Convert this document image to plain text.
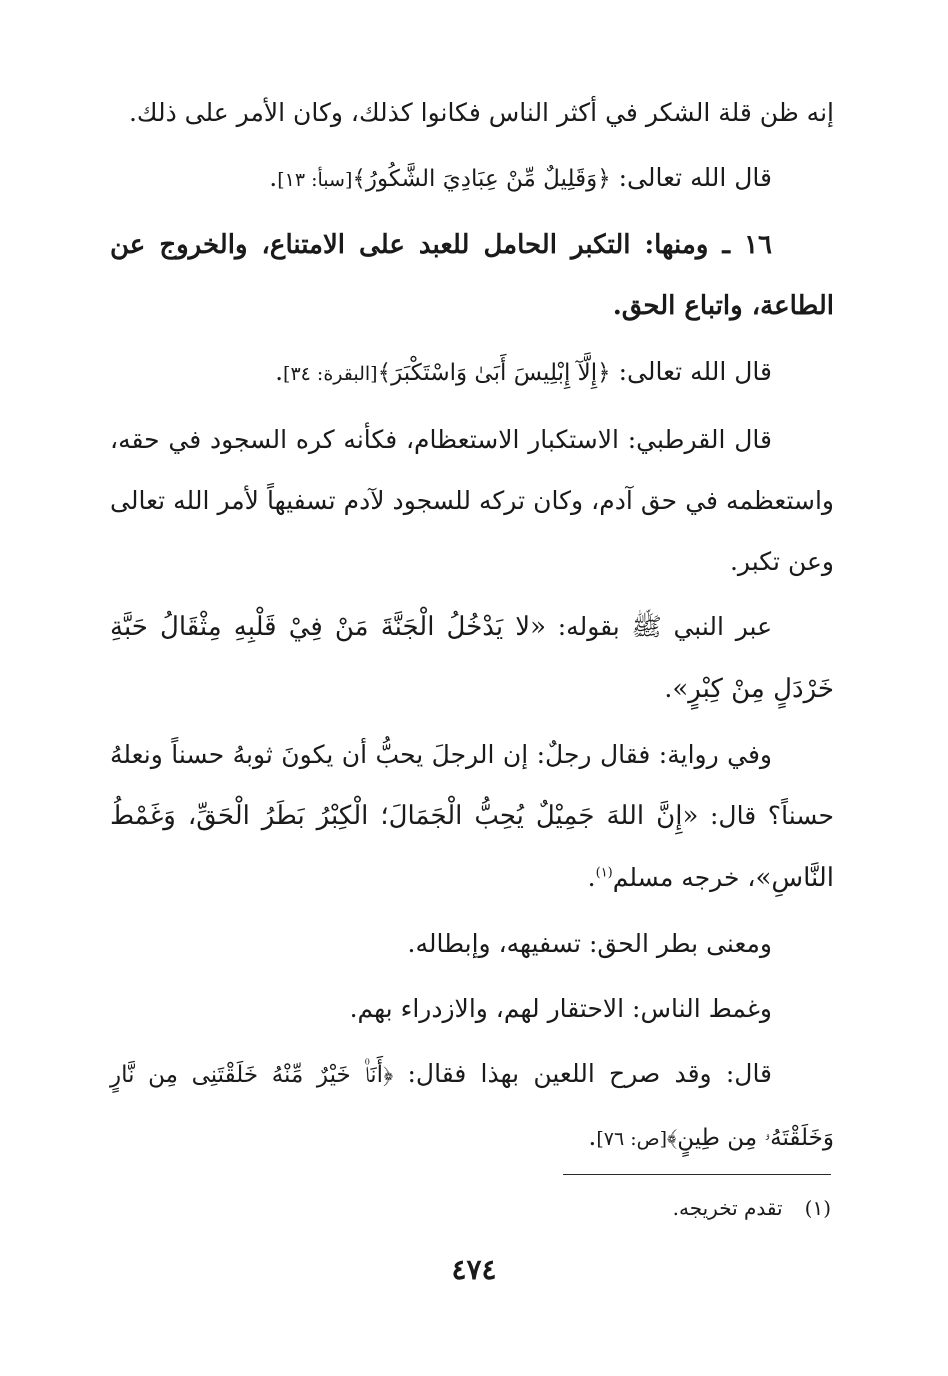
إنه ظن قلة الشكر في أكثر الناس فكانوا كذلك، وكان الأمر على ذلك.

قال الله تعالى: ﴿وَقَلِيلٌ مِّنْ عِبَادِيَ الشَّكُورُ﴾[سبأ: ١٣].

١٦ ـ ومنها: التكبر الحامل للعبد على الامتناع، والخروج عن الطاعة، واتباع الحق.

قال الله تعالى: ﴿إِلَّآ إِبْلِيسَ أَبَىٰ وَاسْتَكْبَرَ﴾[البقرة: ٣٤].

قال القرطبي: الاستكبار الاستعظام، فكأنه كره السجود في حقه، واستعظمه في حق آدم، وكان تركه للسجود لآدم تسفيهاً لأمر الله تعالى وعن تكبر.

عبر النبي ﷺ بقوله: «لا يَدْخُلُ الْجَنَّةَ مَنْ فِيْ قَلْبِهِ مِثْقَالُ حَبَّةِ خَرْدَلٍ مِنْ كِبْرٍ».

وفي رواية: فقال رجلٌ: إن الرجلَ يحبُّ أن يكونَ ثوبهُ حسناً ونعلهُ حسناً؟ قال: «إِنَّ اللهَ جَمِيْلٌ يُحِبُّ الْجَمَالَ؛ الْكِبْرُ بَطَرُ الْحَقِّ، وَغَمْطُ النَّاسِ»، خرجه مسلم$^{(١)}$.

ومعنى بطر الحق: تسفيهه، وإبطاله.

وغمط الناس: الاحتقار لهم، والازدراء بهم.

قال: وقد صرح اللعين بهذا فقال: ﴿أَنَا۠ خَيْرٌ مِّنْهُ خَلَقْتَنِى مِن نَّارٍ وَخَلَقْتَهُۥ مِن طِينٍ﴾[ص: ٧٦].

(١)تقدم تخريجه.
٤٧٤
